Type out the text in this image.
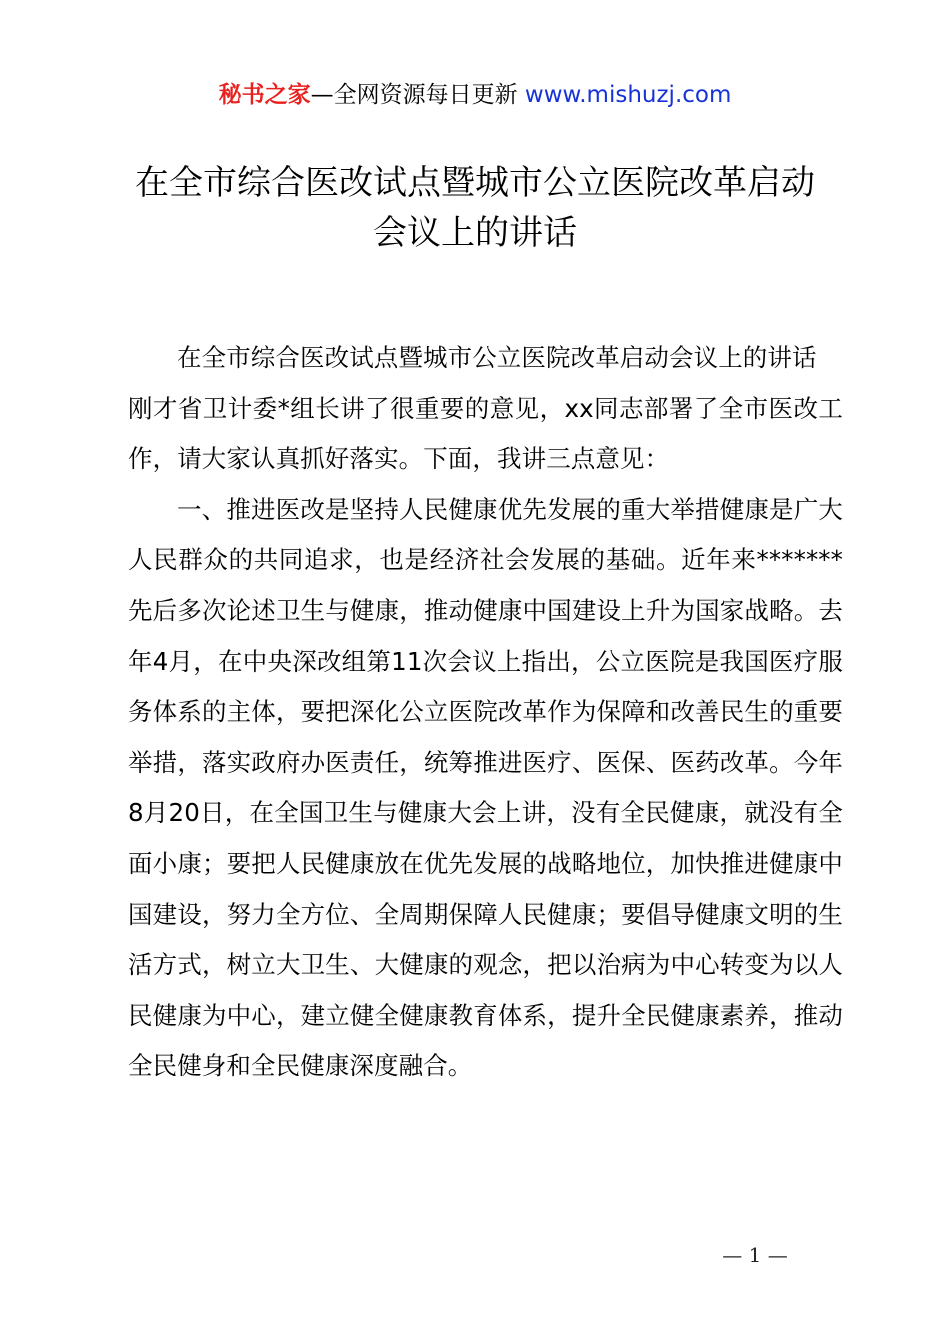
秘书之家—全网资源每日更新 www.mishuzj.com
在全市综合医改试点暨城市公立医院改革启动
会议上的讲话

在全市综合医改试点暨城市公立医院改革启动会议上的讲话

刚才省卫计委*组长讲了很重要的意见，xx同志部署了全市医改工作，请大家认真抓好落实。下面，我讲三点意见：

一、推进医改是坚持人民健康优先发展的重大举措健康是广大人民群众的共同追求，也是经济社会发展的基础。近年来*******先后多次论述卫生与健康，推动健康中国建设上升为国家战略。去年4月，在中央深改组第11次会议上指出，公立医院是我国医疗服务体系的主体，要把深化公立医院改革作为保障和改善民生的重要举措，落实政府办医责任，统筹推进医疗、医保、医药改革。今年8月20日，在全国卫生与健康大会上讲，没有全民健康，就没有全面小康；要把人民健康放在优先发展的战略地位，加快推进健康中国建设，努力全方位、全周期保障人民健康；要倡导健康文明的生活方式，树立大卫生、大健康的观念，把以治病为中心转变为以人民健康为中心，建立健全健康教育体系，提升全民健康素养，推动全民健身和全民健康深度融合。

— 1 —
